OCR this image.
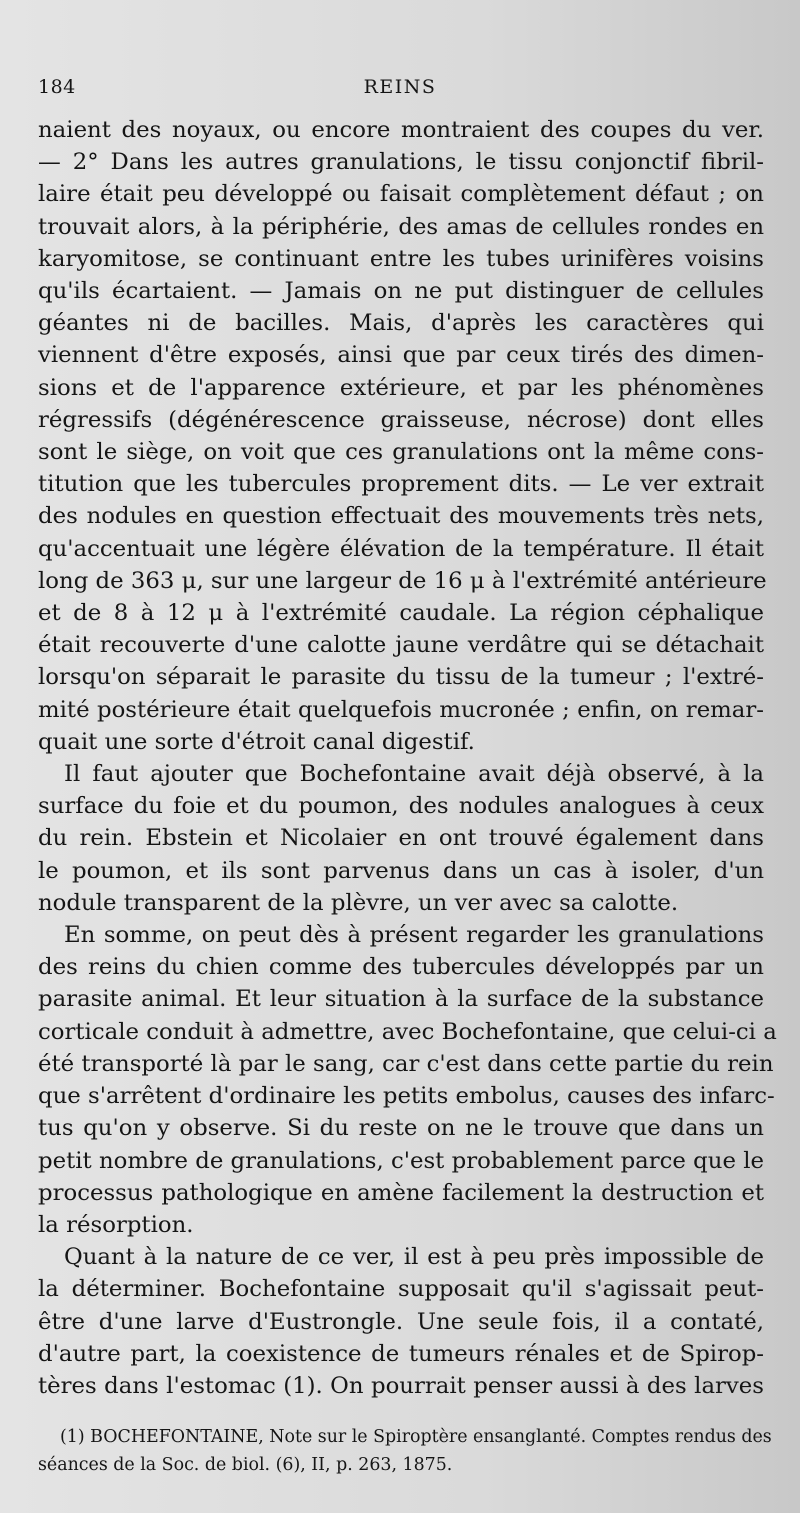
184	REINS
naient des noyaux, ou encore montraient des coupes du ver.
— 2° Dans les autres granulations, le tissu conjonctif fibril-
laire était peu développé ou faisait complètement défaut ; on
trouvait alors, à la périphérie, des amas de cellules rondes en
karyomitose, se continuant entre les tubes urinifères voisins
qu'ils écartaient. — Jamais on ne put distinguer de cellules
géantes ni de bacilles. Mais, d'après les caractères qui
viennent d'être exposés, ainsi que par ceux tirés des dimen-
sions et de l'apparence extérieure, et par les phénomènes
régressifs (dégénérescence graisseuse, nécrose) dont elles
sont le siège, on voit que ces granulations ont la même cons-
titution que les tubercules proprement dits. — Le ver extrait
des nodules en question effectuait des mouvements très nets,
qu'accentuait une légère élévation de la température. Il était
long de 363 μ, sur une largeur de 16 μ à l'extrémité antérieure
et de 8 à 12 μ à l'extrémité caudale. La région céphalique
était recouverte d'une calotte jaune verdâtre qui se détachait
lorsqu'on séparait le parasite du tissu de la tumeur ; l'extré-
mité postérieure était quelquefois mucronée ; enfin, on remar-
quait une sorte d'étroit canal digestif.
Il faut ajouter que Bochefontaine avait déjà observé, à la
surface du foie et du poumon, des nodules analogues à ceux
du rein. Ebstein et Nicolaier en ont trouvé également dans
le poumon, et ils sont parvenus dans un cas à isoler, d'un
nodule transparent de la plèvre, un ver avec sa calotte.
En somme, on peut dès à présent regarder les granulations
des reins du chien comme des tubercules développés par un
parasite animal. Et leur situation à la surface de la substance
corticale conduit à admettre, avec Bochefontaine, que celui-ci a
été transporté là par le sang, car c'est dans cette partie du rein
que s'arrêtent d'ordinaire les petits embolus, causes des infarc-
tus qu'on y observe. Si du reste on ne le trouve que dans un
petit nombre de granulations, c'est probablement parce que le
processus pathologique en amène facilement la destruction et
la résorption.
Quant à la nature de ce ver, il est à peu près impossible de
la déterminer. Bochefontaine supposait qu'il s'agissait peut-
être d'une larve d'Eustrongle. Une seule fois, il a contaté,
d'autre part, la coexistence de tumeurs rénales et de Spirop-
tères dans l'estomac (1). On pourrait penser aussi à des larves
(1) BOCHEFONTAINE, Note sur le Spiroptère ensanglanté. Comptes rendus des
séances de la Soc. de biol. (6), II, p. 263, 1875.
